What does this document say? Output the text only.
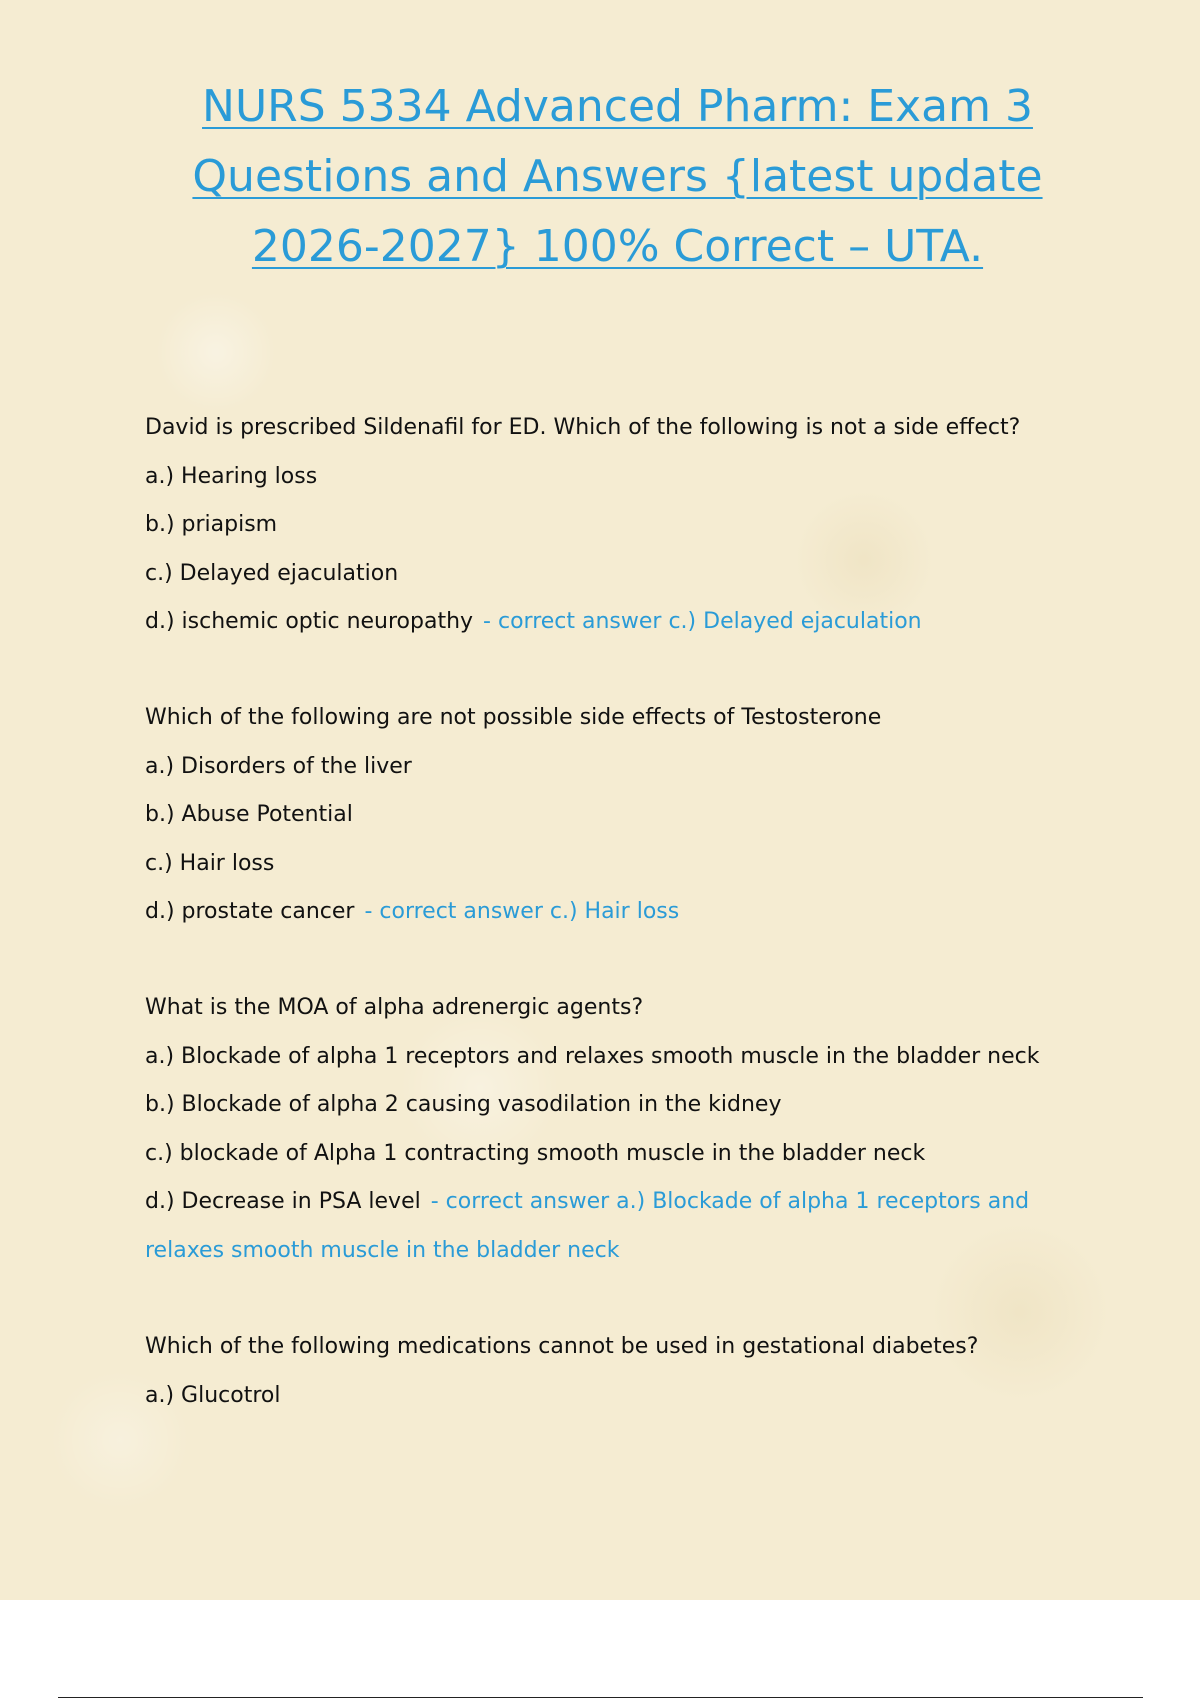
NURS 5334 Advanced Pharm: Exam 3
Questions and Answers {latest update
2026-2027} 100% Correct – UTA.

David is prescribed Sildenafil for ED. Which of the following is not a side effect?

a.) Hearing loss

b.) priapism

c.) Delayed ejaculation

d.) ischemic optic neuropathy - correct answer c.) Delayed ejaculation

Which of the following are not possible side effects of Testosterone

a.) Disorders of the liver

b.) Abuse Potential

c.) Hair loss

d.) prostate cancer - correct answer c.) Hair loss

What is the MOA of alpha adrenergic agents?

a.) Blockade of alpha 1 receptors and relaxes smooth muscle in the bladder neck

b.) Blockade of alpha 2 causing vasodilation in the kidney

c.) blockade of Alpha 1 contracting smooth muscle in the bladder neck

d.) Decrease in PSA level - correct answer a.) Blockade of alpha 1 receptors and

relaxes smooth muscle in the bladder neck

Which of the following medications cannot be used in gestational diabetes?

a.) Glucotrol
